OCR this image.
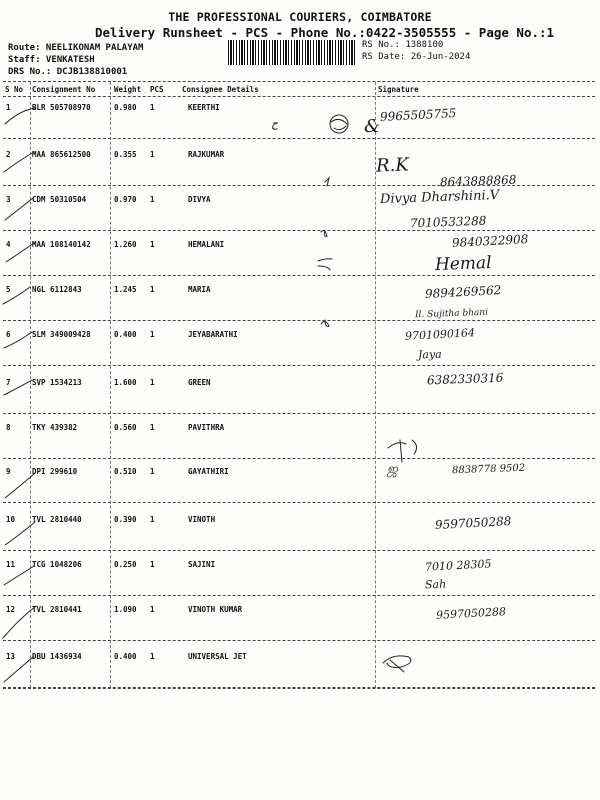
THE PROFESSIONAL COURIERS, COIMBATORE
Delivery Runsheet - PCS - Phone No.:0422-3505555 - Page No.:1
Route: NEELIKONAM PALAYAM
Staff: VENKATESH
DRS No.: DCJB138810001
RS No.: 1388100
RS Date: 26-Jun-2024
S No Consignment No	Weight PCS Consignee Details	Signature
1	BLR 505708970	0.980 1	KEERTHI	9965505755
2	MAA 865612500	0.355 1	RAJKUMAR	R.K
8643888868
3	CDM 50310504	0.970 1	DIVYA	Divya Dharshini.V
7010533288
4	MAA 108140142	1.260 1	HEMALANI	9840322908
Hemal
5	NGL 6112843	1.245 1	MARIA	9894269562
Il. Sujitha bhani
6	SLM 349009428	0.400 1	JEYABARATHI	9701090164
Jaya
7	SVP 1534213	1.600 1	GREEN	6382330316
8	TKY 439382	0.560 1	PAVITHRA
9	DPI 299610	0.510 1	GAYATHIRI	8838778 9502
10 TVL 2810440	0.390 1	VINOTH	9597050288
11 TCG 1048206	0.250 1	SAJINI	7010 28305
Sah
12 TVL 2810441	1.090 1	VINOTH KUMAR	9597050288
13 DBU 1436934	0.400 1	UNIVERSAL JET
&
ح
ஜ
